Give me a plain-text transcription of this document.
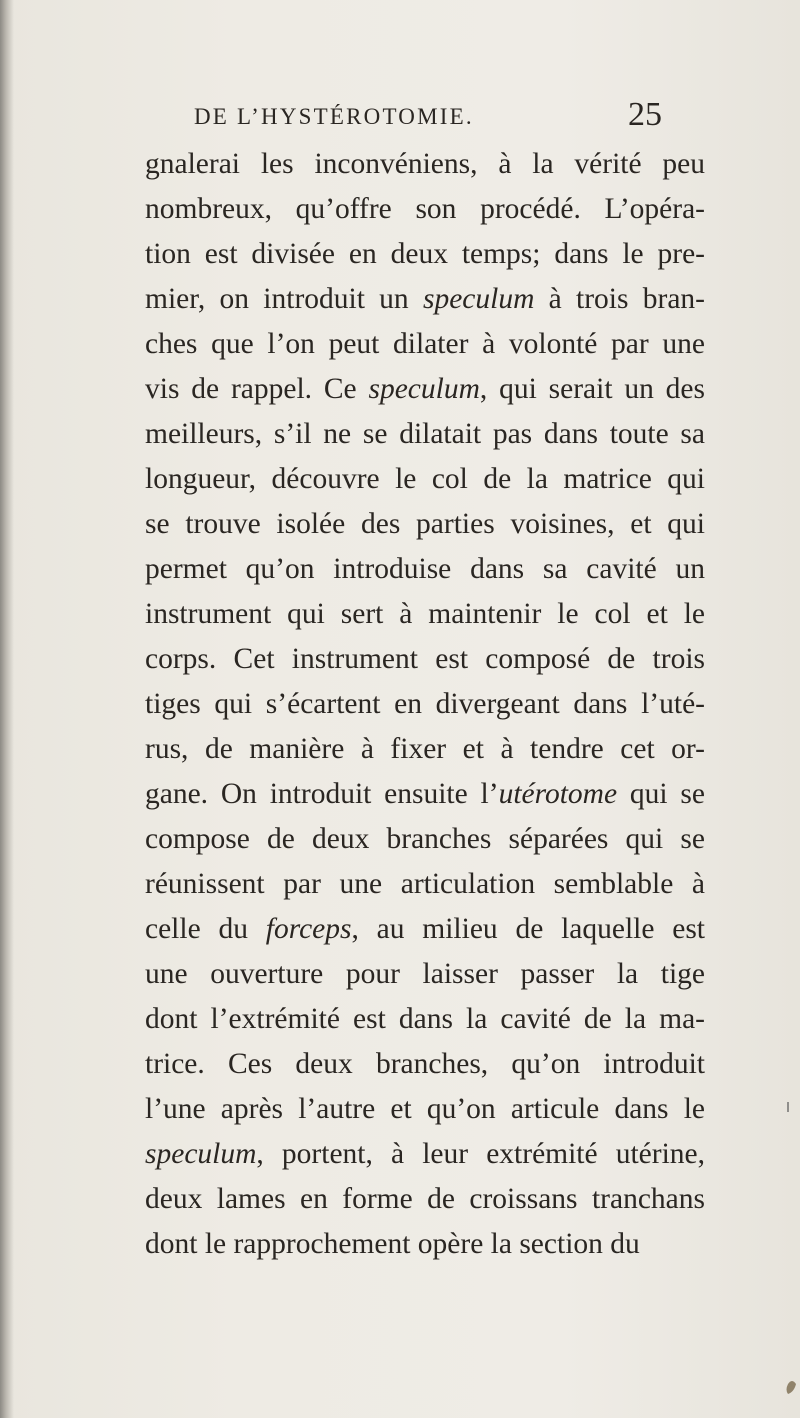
DE L’HYSTÉROTOMIE.	25
gnalerai les inconvéniens, à la vérité peu
nombreux, qu’offre son procédé. L’opéra-
tion est divisée en deux temps; dans le pre-
mier, on introduit un speculum à trois bran-
ches que l’on peut dilater à volonté par une
vis de rappel. Ce speculum, qui serait un des
meilleurs, s’il ne se dilatait pas dans toute sa
longueur, découvre le col de la matrice qui
se trouve isolée des parties voisines, et qui
permet qu’on introduise dans sa cavité un
instrument qui sert à maintenir le col et le
corps. Cet instrument est composé de trois
tiges qui s’écartent en divergeant dans l’uté-
rus, de manière à fixer et à tendre cet or-
gane. On introduit ensuite l’utérotome qui se
compose de deux branches séparées qui se
réunissent par une articulation semblable à
celle du forceps, au milieu de laquelle est
une ouverture pour laisser passer la tige
dont l’extrémité est dans la cavité de la ma-
trice. Ces deux branches, qu’on introduit
l’une après l’autre et qu’on articule dans le
speculum, portent, à leur extrémité utérine,
deux lames en forme de croissans tranchans
dont le rapprochement opère la section du
